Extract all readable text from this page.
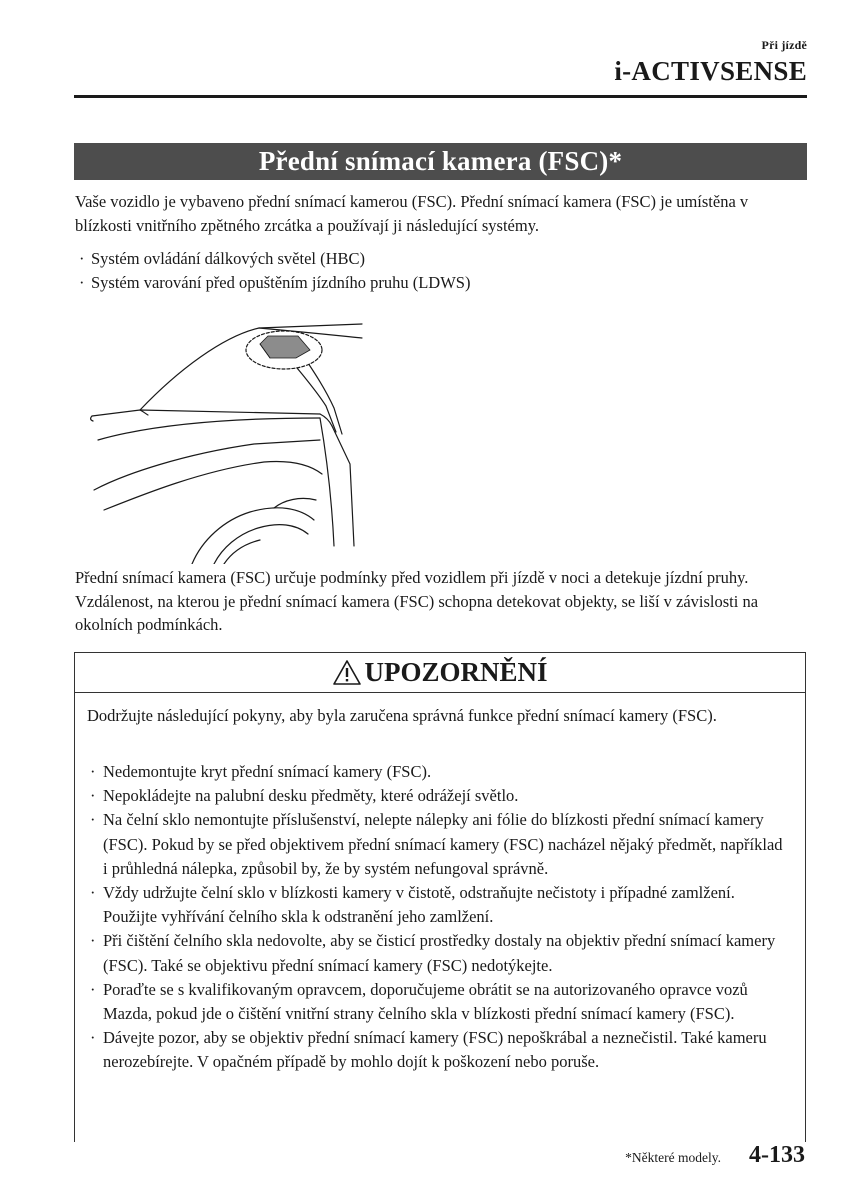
Při jízdě
i-ACTIVSENSE
Přední snímací kamera (FSC)*

Vaše vozidlo je vybaveno přední snímací kamerou (FSC). Přední snímací kamera (FSC) je umístěna v blízkosti vnitřního zpětného zrcátka a používají ji následující systémy.

· Systém ovládání dálkových světel (HBC)
· Systém varování před opuštěním jízdního pruhu (LDWS)

Přední snímací kamera (FSC) určuje podmínky před vozidlem při jízdě v noci a detekuje jízdní pruhy. Vzdálenost, na kterou je přední snímací kamera (FSC) schopna detekovat objekty, se liší v závislosti na okolních podmínkách.

UPOZORNĚNÍ

Dodržujte následující pokyny, aby byla zaručena správná funkce přední snímací kamery (FSC).

· Nedemontujte kryt přední snímací kamery (FSC).
· Nepokládejte na palubní desku předměty, které odrážejí světlo.
· Na čelní sklo nemontujte příslušenství, nelepte nálepky ani fólie do blízkosti přední snímací kamery (FSC). Pokud by se před objektivem přední snímací kamery (FSC) nacházel nějaký předmět, například i průhledná nálepka, způsobil by, že by systém nefungoval správně.
· Vždy udržujte čelní sklo v blízkosti kamery v čistotě, odstraňujte nečistoty i případné zamlžení. Použijte vyhřívání čelního skla k odstranění jeho zamlžení.
· Při čištění čelního skla nedovolte, aby se čisticí prostředky dostaly na objektiv přední snímací kamery (FSC). Také se objektivu přední snímací kamery (FSC) nedotýkejte.
· Poraďte se s kvalifikovaným opravcem, doporučujeme obrátit se na autorizovaného opravce vozů Mazda, pokud jde o čištění vnitřní strany čelního skla v blízkosti přední snímací kamery (FSC).
· Dávejte pozor, aby se objektiv přední snímací kamery (FSC) nepoškrábal a neznečistil. Také kameru nerozebírejte. V opačném případě by mohlo dojít k poškození nebo poruše.
*Některé modely. 4-133
